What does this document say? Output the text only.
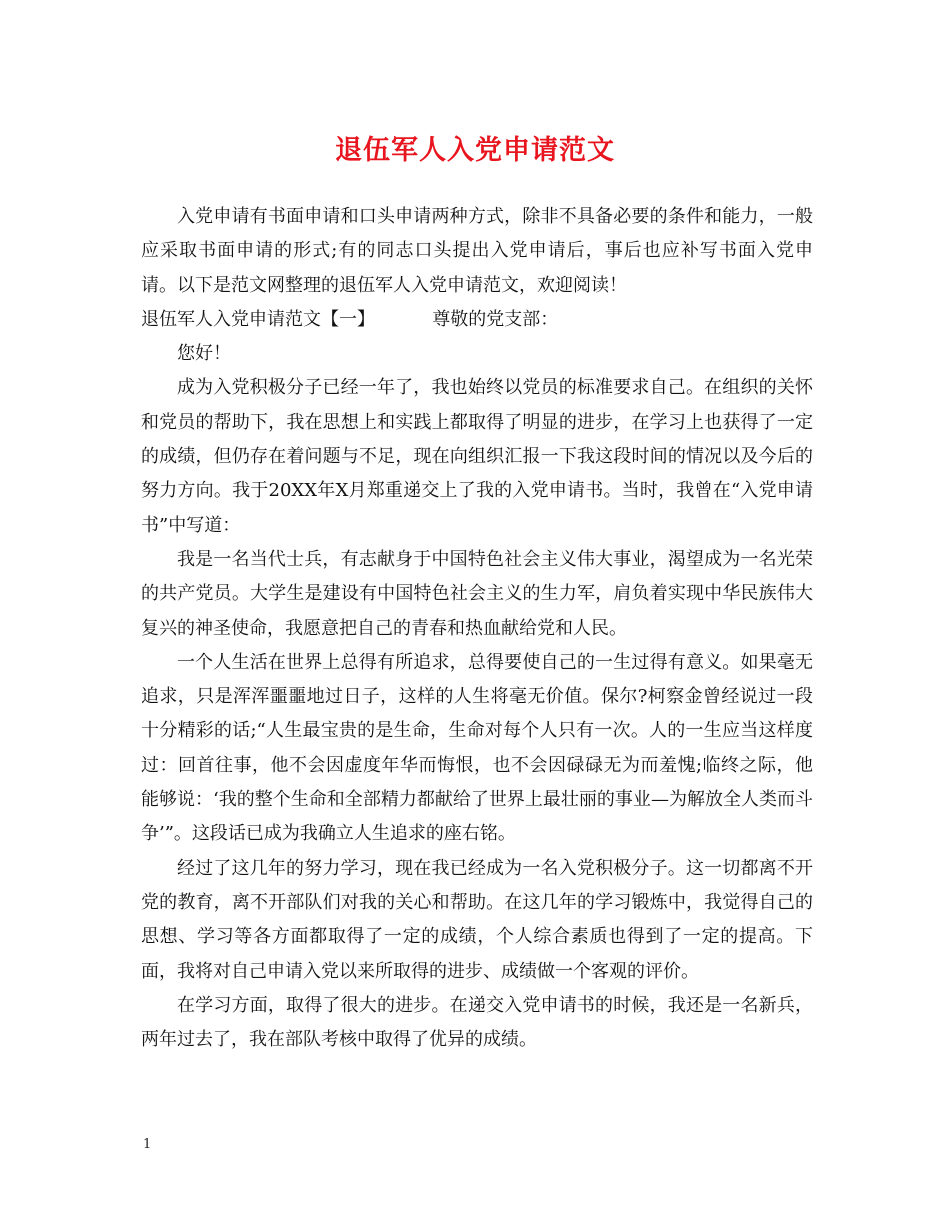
退伍军人入党申请范文

入党申请有书面申请和口头申请两种方式，除非不具备必要的条件和能力，一般应采取书面申请的形式;有的同志口头提出入党申请后，事后也应补写书面入党申请。以下是范文网整理的退伍军人入党申请范文，欢迎阅读！

退伍军人入党申请范文【一】          尊敬的党支部：

您好！

成为入党积极分子已经一年了，我也始终以党员的标准要求自己。在组织的关怀和党员的帮助下，我在思想上和实践上都取得了明显的进步，在学习上也获得了一定的成绩，但仍存在着问题与不足，现在向组织汇报一下我这段时间的情况以及今后的努力方向。我于20XX年X月郑重递交上了我的入党申请书。当时，我曾在“入党申请书”中写道：

我是一名当代士兵，有志献身于中国特色社会主义伟大事业，渴望成为一名光荣的共产党员。大学生是建设有中国特色社会主义的生力军，肩负着实现中华民族伟大复兴的神圣使命，我愿意把自己的青春和热血献给党和人民。

一个人生活在世界上总得有所追求，总得要使自己的一生过得有意义。如果毫无追求，只是浑浑噩噩地过日子，这样的人生将毫无价值。保尔?柯察金曾经说过一段十分精彩的话;“人生最宝贵的是生命，生命对每个人只有一次。人的一生应当这样度过：回首往事，他不会因虚度年华而悔恨，也不会因碌碌无为而羞愧;临终之际，他能够说：‘我的整个生命和全部精力都献给了世界上最壮丽的事业—为解放全人类而斗争’”。这段话已成为我确立人生追求的座右铭。

经过了这几年的努力学习，现在我已经成为一名入党积极分子。这一切都离不开党的教育，离不开部队们对我的关心和帮助。在这几年的学习锻炼中，我觉得自己的思想、学习等各方面都取得了一定的成绩，个人综合素质也得到了一定的提高。下面，我将对自己申请入党以来所取得的进步、成绩做一个客观的评价。

在学习方面，取得了很大的进步。在递交入党申请书的时候，我还是一名新兵，两年过去了，我在部队考核中取得了优异的成绩。

1
